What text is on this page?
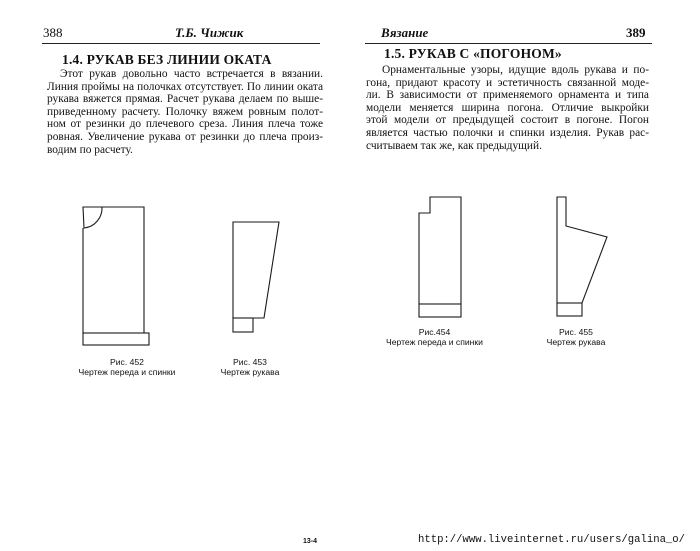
388	Т.Б. Чижик
1.4. РУКАВ БЕЗ ЛИНИИ ОКАТА
Этот рукав довольно часто встречается в вязании.
Линия проймы на полочках отсутствует. По линии оката
рукава вяжется прямая. Расчет рукава делаем по выше-
приведенному расчету. Полочку вяжем ровным полот-
ном от резинки до плечевого среза. Линия плеча тоже
ровная. Увеличение рукава от резинки до плеча произ-
водим по расчету.
Рис. 452
Чертеж переда и спинки
Рис. 453
Чертеж рукава
Вязание	389
1.5. РУКАВ С «ПОГОНОМ»
Орнаментальные узоры, идущие вдоль рукава и по-
гона, придают красоту и эстетичность связанной моде-
ли. В зависимости от применяемого орнамента и типа
модели меняется ширина погона. Отличие выкройки
этой модели от предыдущей состоит в погоне. Погон
является частью полочки и спинки изделия. Рукав рас-
считываем так же, как предыдущий.
Рис.454
Чертеж переда и спинки
Рис. 455
Чертеж рукава
13-4	http://www.liveinternet.ru/users/galina_o/
